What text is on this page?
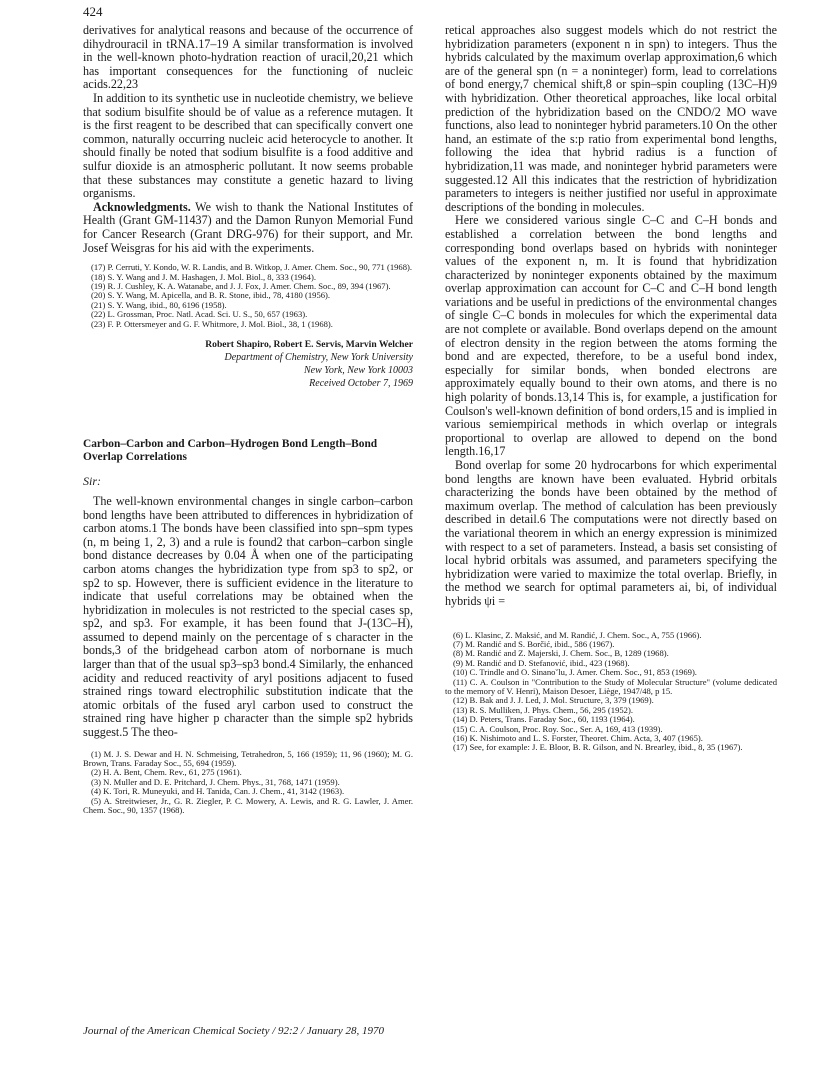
424

derivatives for analytical reasons and because of the occurrence of dihydrouracil in tRNA.17–19 A similar transformation is involved in the well-known photo-hydration reaction of uracil,20,21 which has important consequences for the functioning of nucleic acids.22,23

In addition to its synthetic use in nucleotide chemistry, we believe that sodium bisulfite should be of value as a reference mutagen. It is the first reagent to be described that can specifically convert one common, naturally occurring nucleic acid heterocycle to another. It should finally be noted that sodium bisulfite is a food additive and sulfur dioxide is an atmospheric pollutant. It now seems probable that these substances may constitute a genetic hazard to living organisms.

Acknowledgments. We wish to thank the National Institutes of Health (Grant GM-11437) and the Damon Runyon Memorial Fund for Cancer Research (Grant DRG-976) for their support, and Mr. Josef Weisgras for his aid with the experiments.

(17) P. Cerruti, Y. Kondo, W. R. Landis, and B. Witkop, J. Amer. Chem. Soc., 90, 771 (1968).

(18) S. Y. Wang and J. M. Hashagen, J. Mol. Biol., 8, 333 (1964).

(19) R. J. Cushley, K. A. Watanabe, and J. J. Fox, J. Amer. Chem. Soc., 89, 394 (1967).

(20) S. Y. Wang, M. Apicella, and B. R. Stone, ibid., 78, 4180 (1956).

(21) S. Y. Wang, ibid., 80, 6196 (1958).

(22) L. Grossman, Proc. Natl. Acad. Sci. U. S., 50, 657 (1963).

(23) F. P. Ottersmeyer and G. F. Whitmore, J. Mol. Biol., 38, 1 (1968).

Robert Shapiro, Robert E. Servis, Marvin Welcher
Department of Chemistry, New York University
New York, New York 10003
Received October 7, 1969
Carbon–Carbon and Carbon–Hydrogen Bond Length–Bond Overlap Correlations
Sir:

The well-known environmental changes in single carbon–carbon bond lengths have been attributed to differences in hybridization of carbon atoms.1 The bonds have been classified into spn–spm types (n, m being 1, 2, 3) and a rule is found2 that carbon–carbon single bond distance decreases by 0.04 Å when one of the participating carbon atoms changes the hybridization type from sp3 to sp2, or sp2 to sp. However, there is sufficient evidence in the literature to indicate that useful correlations may be obtained when the hybridization in molecules is not restricted to the special cases sp, sp2, and sp3. For example, it has been found that J-(13C–H), assumed to depend mainly on the percentage of s character in the bonds,3 of the bridgehead carbon atom of norbornane is much larger than that of the usual sp3–sp3 bond.4 Similarly, the enhanced acidity and reduced reactivity of aryl positions adjacent to fused strained rings toward electrophilic substitution indicate that the atomic orbitals of the fused aryl carbon used to construct the strained ring have higher p character than the simple sp2 hybrids suggest.5 The theo-

(1) M. J. S. Dewar and H. N. Schmeising, Tetrahedron, 5, 166 (1959); 11, 96 (1960); M. G. Brown, Trans. Faraday Soc., 55, 694 (1959).

(2) H. A. Bent, Chem. Rev., 61, 275 (1961).

(3) N. Muller and D. E. Pritchard, J. Chem. Phys., 31, 768, 1471 (1959).

(4) K. Tori, R. Muneyuki, and H. Tanida, Can. J. Chem., 41, 3142 (1963).

(5) A. Streitwieser, Jr., G. R. Ziegler, P. C. Mowery, A. Lewis, and R. G. Lawler, J. Amer. Chem. Soc., 90, 1357 (1968).

retical approaches also suggest models which do not restrict the hybridization parameters (exponent n in spn) to integers. Thus the hybrids calculated by the maximum overlap approximation,6 which are of the general spn (n = a noninteger) form, lead to correlations of bond energy,7 chemical shift,8 or spin–spin coupling (13C–H)9 with hybridization. Other theoretical approaches, like local orbital prediction of the hybridization based on the CNDO/2 MO wave functions, also lead to noninteger hybrid parameters.10 On the other hand, an estimate of the s:p ratio from experimental bond lengths, following the idea that hybrid radius is a function of hybridization,11 was made, and noninteger hybrid parameters were suggested.12 All this indicates that the restriction of hybridization parameters to integers is neither justified nor useful in approximate descriptions of the bonding in molecules.

Here we considered various single C–C and C–H bonds and established a correlation between the bond lengths and corresponding bond overlaps based on hybrids with noninteger values of the exponent n, m. It is found that hybridization characterized by noninteger exponents obtained by the maximum overlap approximation can account for C–C and C–H bond length variations and be useful in predictions of the environmental changes of single C–C bonds in molecules for which the experimental data are not complete or available. Bond overlaps depend on the amount of electron density in the region between the atoms forming the bond and are expected, therefore, to be a useful bond index, especially for similar bonds, when bonded electrons are approximately equally bound to their own atoms, and there is no high polarity of bonds.13,14 This is, for example, a justification for Coulson's well-known definition of bond orders,15 and is implied in various semiempirical methods in which overlap or integrals proportional to overlap are allowed to depend on the bond length.16,17

Bond overlap for some 20 hydrocarbons for which experimental bond lengths are known have been evaluated. Hybrid orbitals characterizing the bonds have been obtained by the method of maximum overlap. The method of calculation has been previously described in detail.6 The computations were not directly based on the variational theorem in which an energy expression is minimized with respect to a set of parameters. Instead, a basis set consisting of local hybrid orbitals was assumed, and parameters specifying the hybridization were varied to maximize the total overlap. Briefly, in the method we search for optimal parameters ai, bi, of individual hybrids ψi =

(6) L. Klasinc, Z. Maksić, and M. Randić, J. Chem. Soc., A, 755 (1966).

(7) M. Randić and S. Borčić, ibid., 586 (1967).

(8) M. Randić and Z. Majerski, J. Chem. Soc., B, 1289 (1968).

(9) M. Randić and D. Stefanović, ibid., 423 (1968).

(10) C. Trindle and O. Sinanoˇlu, J. Amer. Chem. Soc., 91, 853 (1969).

(11) C. A. Coulson in "Contribution to the Study of Molecular Structure" (volume dedicated to the memory of V. Henri), Maison Desoer, Liège, 1947/48, p 15.

(12) B. Bak and J. J. Led, J. Mol. Structure, 3, 379 (1969).

(13) R. S. Mulliken, J. Phys. Chem., 56, 295 (1952).

(14) D. Peters, Trans. Faraday Soc., 60, 1193 (1964).

(15) C. A. Coulson, Proc. Roy. Soc., Ser. A, 169, 413 (1939).

(16) K. Nishimoto and L. S. Forster, Theoret. Chim. Acta, 3, 407 (1965).

(17) See, for example: J. E. Bloor, B. R. Gilson, and N. Brearley, ibid., 8, 35 (1967).

Journal of the American Chemical Society / 92:2 / January 28, 1970
